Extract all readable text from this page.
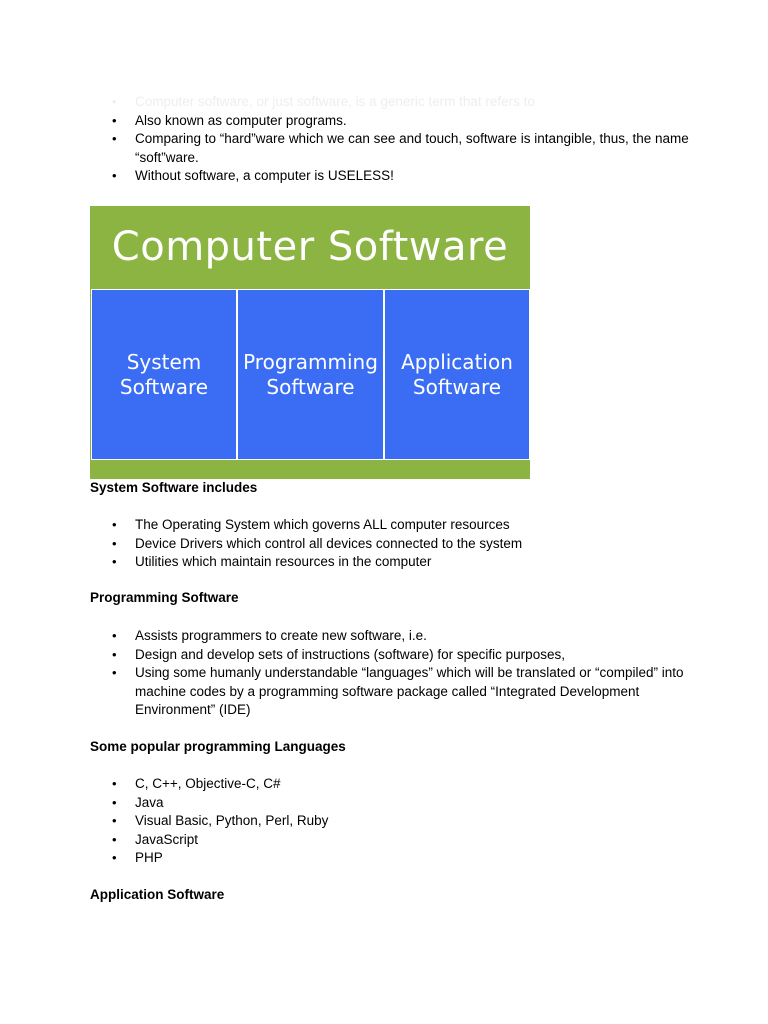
• Computer software, or just software, is a generic term that refers to
• Also known as computer programs.
• Comparing to “hard”ware which we can see and touch, software is intangible, thus, the name “soft”ware.
• Without software, a computer is USELESS!
Computer Software
System
Software
Programming
Software
Application
Software
System Software includes
• The Operating System which governs ALL computer resources
• Device Drivers which control all devices connected to the system
• Utilities which maintain resources in the computer
Programming Software
• Assists programmers to create new software, i.e.
• Design and develop sets of instructions (software) for specific purposes,
• Using some humanly understandable “languages” which will be translated or “compiled” into machine codes by a programming software package called “Integrated Development Environment” (IDE)
Some popular programming Languages
• C, C++, Objective-C, C#
• Java
• Visual Basic, Python, Perl, Ruby
• JavaScript
• PHP
Application Software
